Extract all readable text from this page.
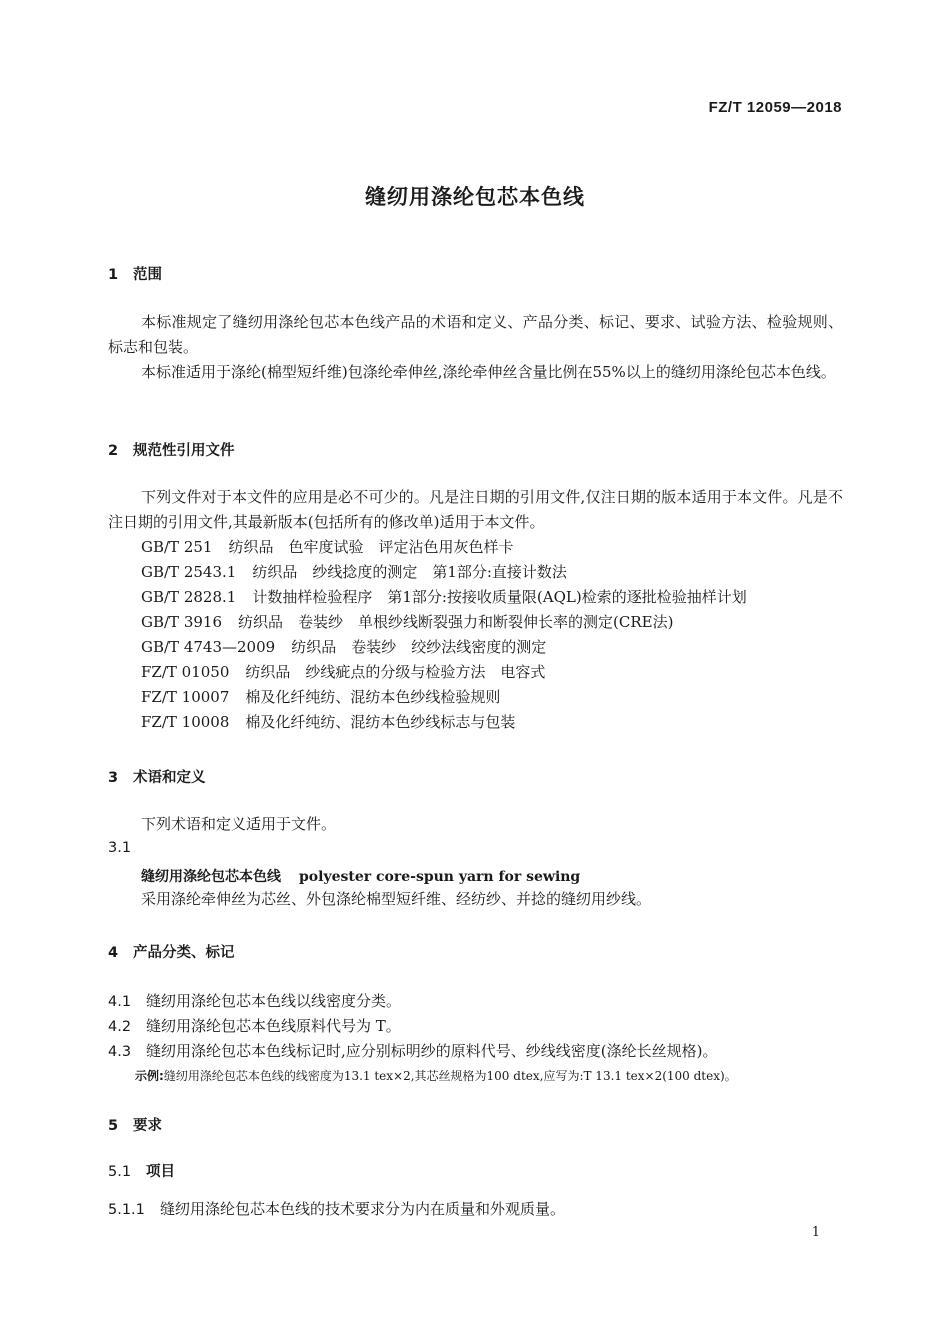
FZ/T 12059—2018
缝纫用涤纶包芯本色线
1 范围
本标准规定了缝纫用涤纶包芯本色线产品的术语和定义、产品分类、标记、要求、试验方法、检验规则、标志和包装。
本标准适用于涤纶(棉型短纤维)包涤纶牵伸丝,涤纶牵伸丝含量比例在55%以上的缝纫用涤纶包芯本色线。
2 规范性引用文件
下列文件对于本文件的应用是必不可少的。凡是注日期的引用文件,仅注日期的版本适用于本文件。凡是不注日期的引用文件,其最新版本(包括所有的修改单)适用于本文件。
GB/T 251 纺织品　色牢度试验　评定沾色用灰色样卡
GB/T 2543.1 纺织品　纱线捻度的测定　第1部分:直接计数法
GB/T 2828.1 计数抽样检验程序　第1部分:按接收质量限(AQL)检索的逐批检验抽样计划
GB/T 3916 纺织品　卷装纱　单根纱线断裂强力和断裂伸长率的测定(CRE法)
GB/T 4743—2009 纺织品　卷装纱　绞纱法线密度的测定
FZ/T 01050 纺织品　纱线疵点的分级与检验方法　电容式
FZ/T 10007 棉及化纤纯纺、混纺本色纱线检验规则
FZ/T 10008 棉及化纤纯纺、混纺本色纱线标志与包装
3 术语和定义
下列术语和定义适用于文件。
3.1
缝纫用涤纶包芯本色线 polyester core-spun yarn for sewing
采用涤纶牵伸丝为芯丝、外包涤纶棉型短纤维、经纺纱、并捻的缝纫用纱线。
4 产品分类、标记
4.1 缝纫用涤纶包芯本色线以线密度分类。
4.2 缝纫用涤纶包芯本色线原料代号为 T。
4.3 缝纫用涤纶包芯本色线标记时,应分别标明纱的原料代号、纱线线密度(涤纶长丝规格)。
示例:缝纫用涤纶包芯本色线的线密度为13.1 tex×2,其芯丝规格为100 dtex,应写为:T 13.1 tex×2(100 dtex)。
5 要求
5.1 项目
5.1.1 缝纫用涤纶包芯本色线的技术要求分为内在质量和外观质量。
1
